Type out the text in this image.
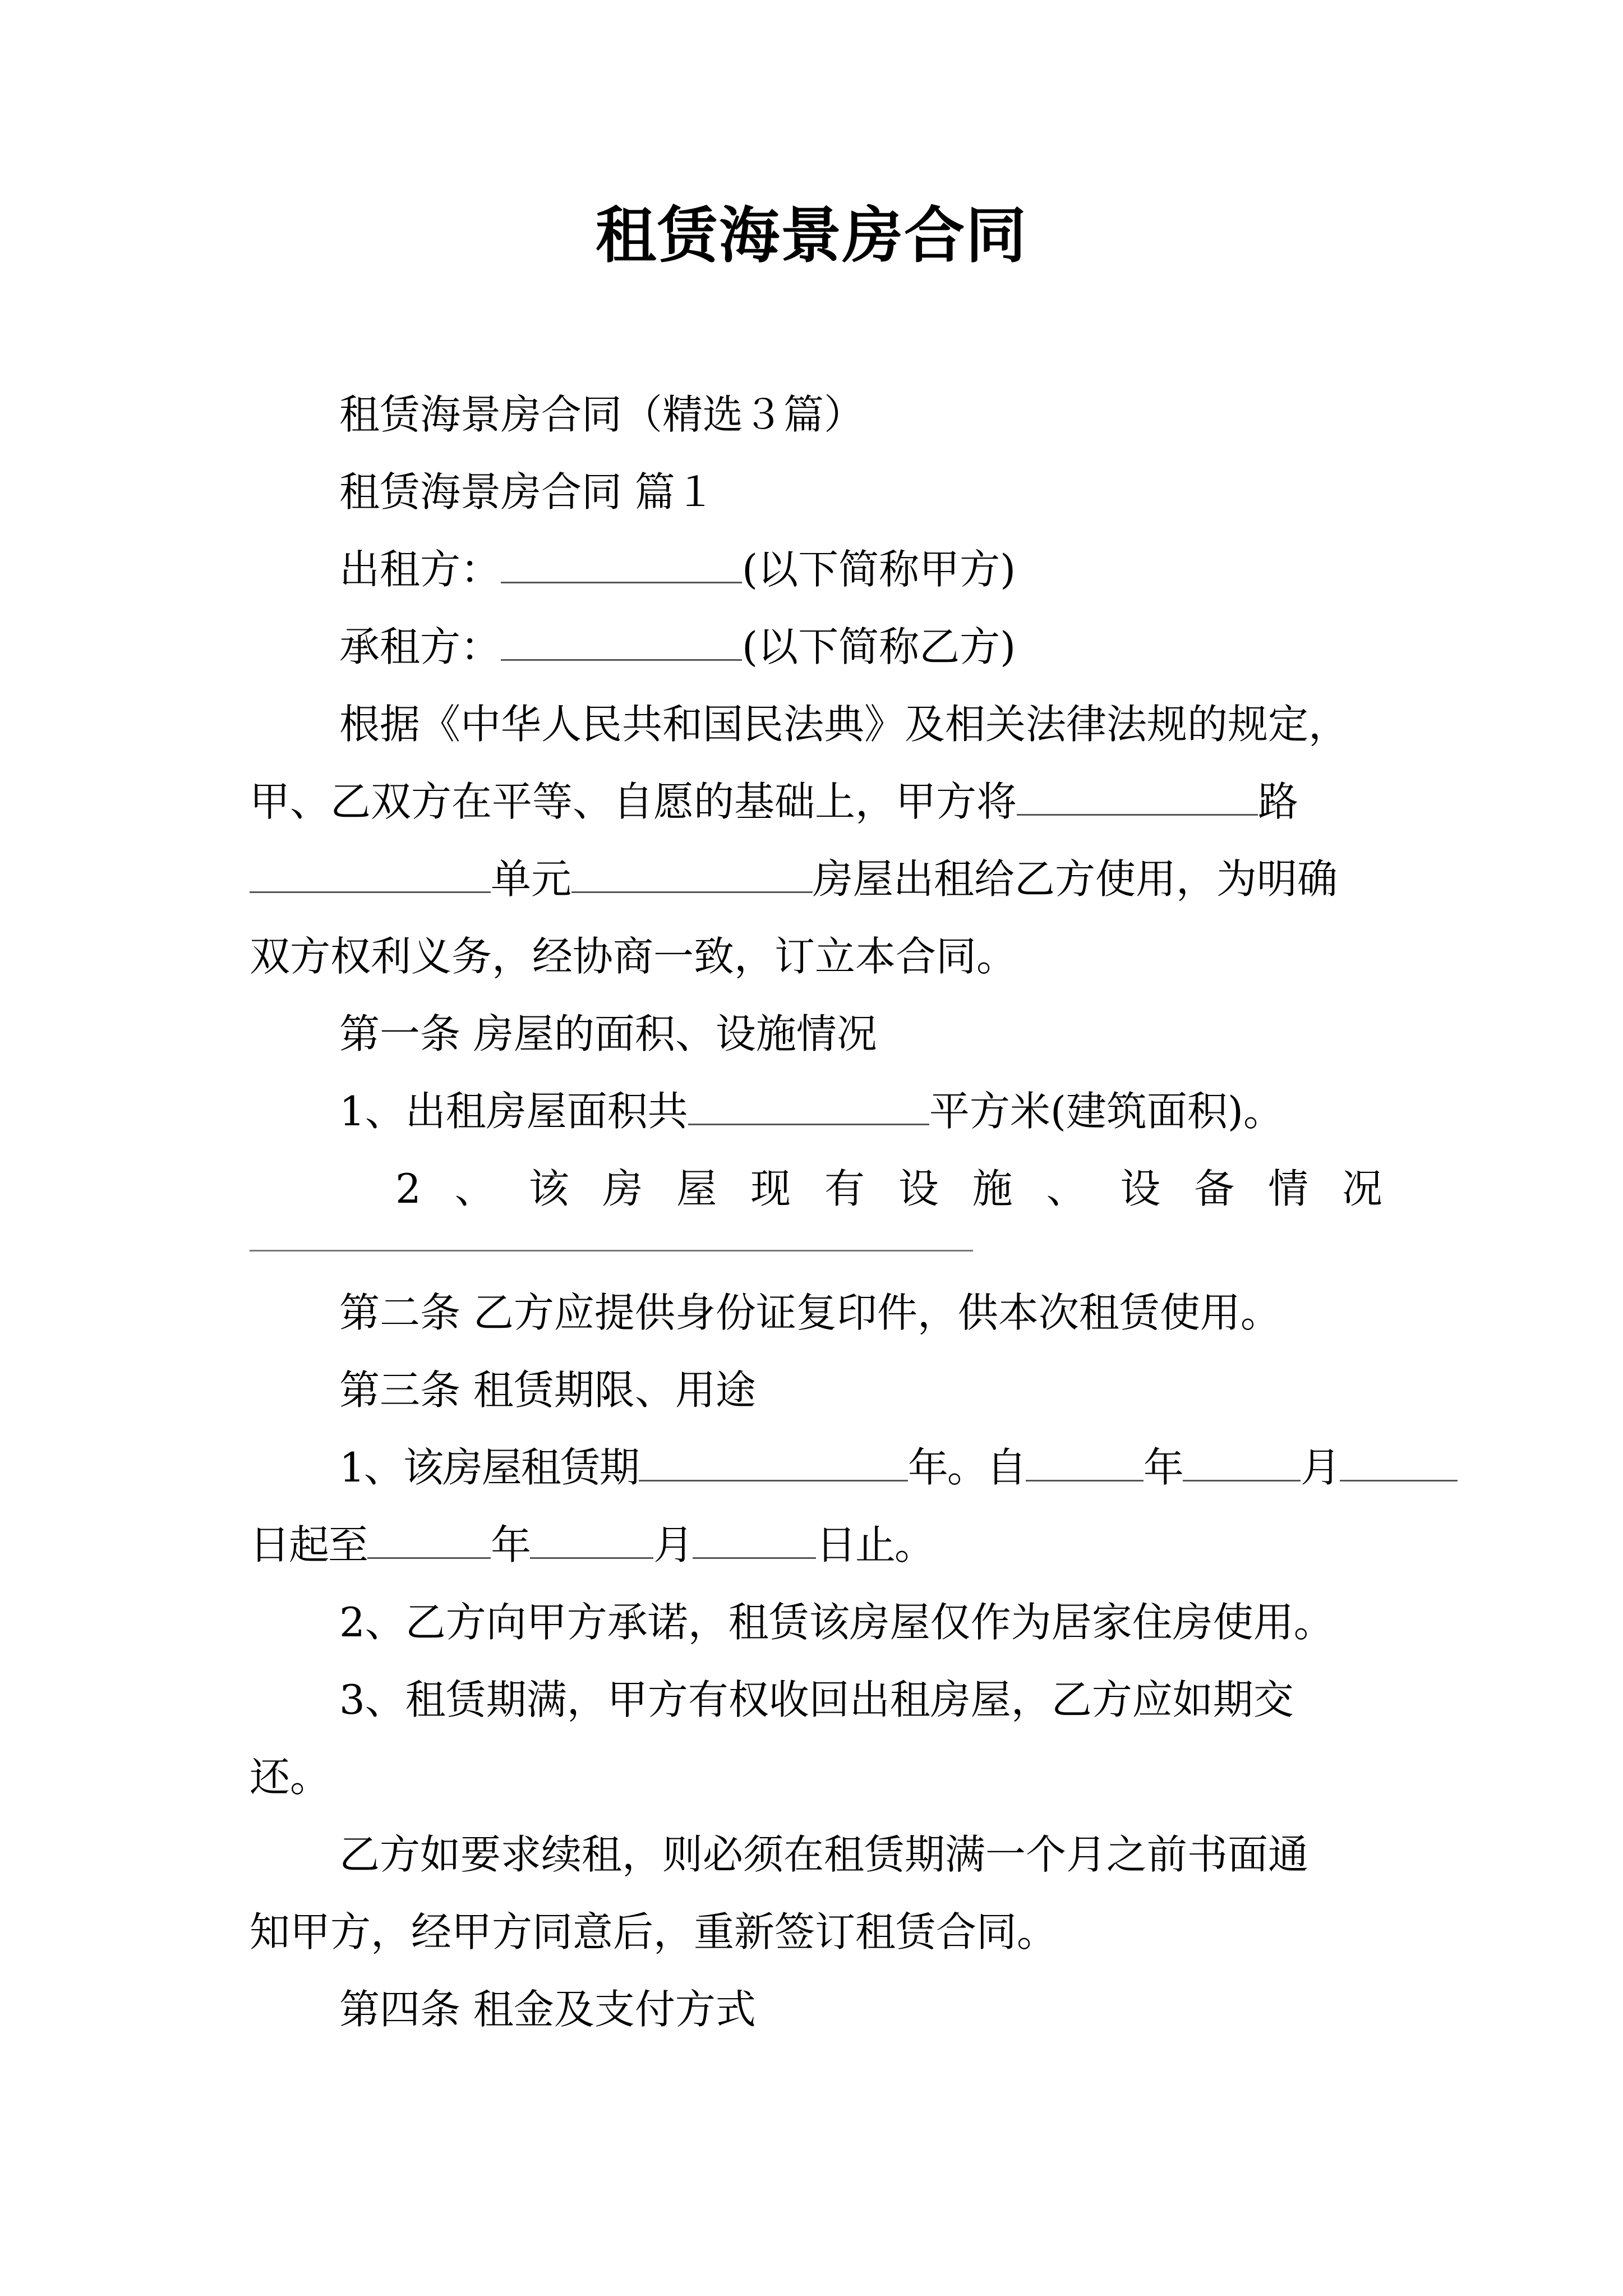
租赁海景房合同

租赁海景房合同（精选３篇）

租赁海景房合同 篇１

出租方：	(以下简称甲方)

承租方：	(以下简称乙方)

根据《中华人民共和国民法典》及相关法律法规的规定，

甲、乙双方在平等、自愿的基础上，甲方将	路

单元	房屋出租给乙方使用，为明确

双方权利义务，经协商一致，订立本合同。

第一条 房屋的面积、设施情况

1、出租房屋面积共	平方米(建筑面积)。

2 、 该 房 屋 现 有 设 施 、 设 备 情 况

第二条 乙方应提供身份证复印件，供本次租赁使用。

第三条 租赁期限、用途

1、该房屋租赁期	年。自	年	月

日起至	年	月	日止。

2、乙方向甲方承诺，租赁该房屋仅作为居家住房使用。

3、租赁期满，甲方有权收回出租房屋，乙方应如期交

还。

乙方如要求续租，则必须在租赁期满一个月之前书面通

知甲方，经甲方同意后，重新签订租赁合同。

第四条 租金及支付方式
